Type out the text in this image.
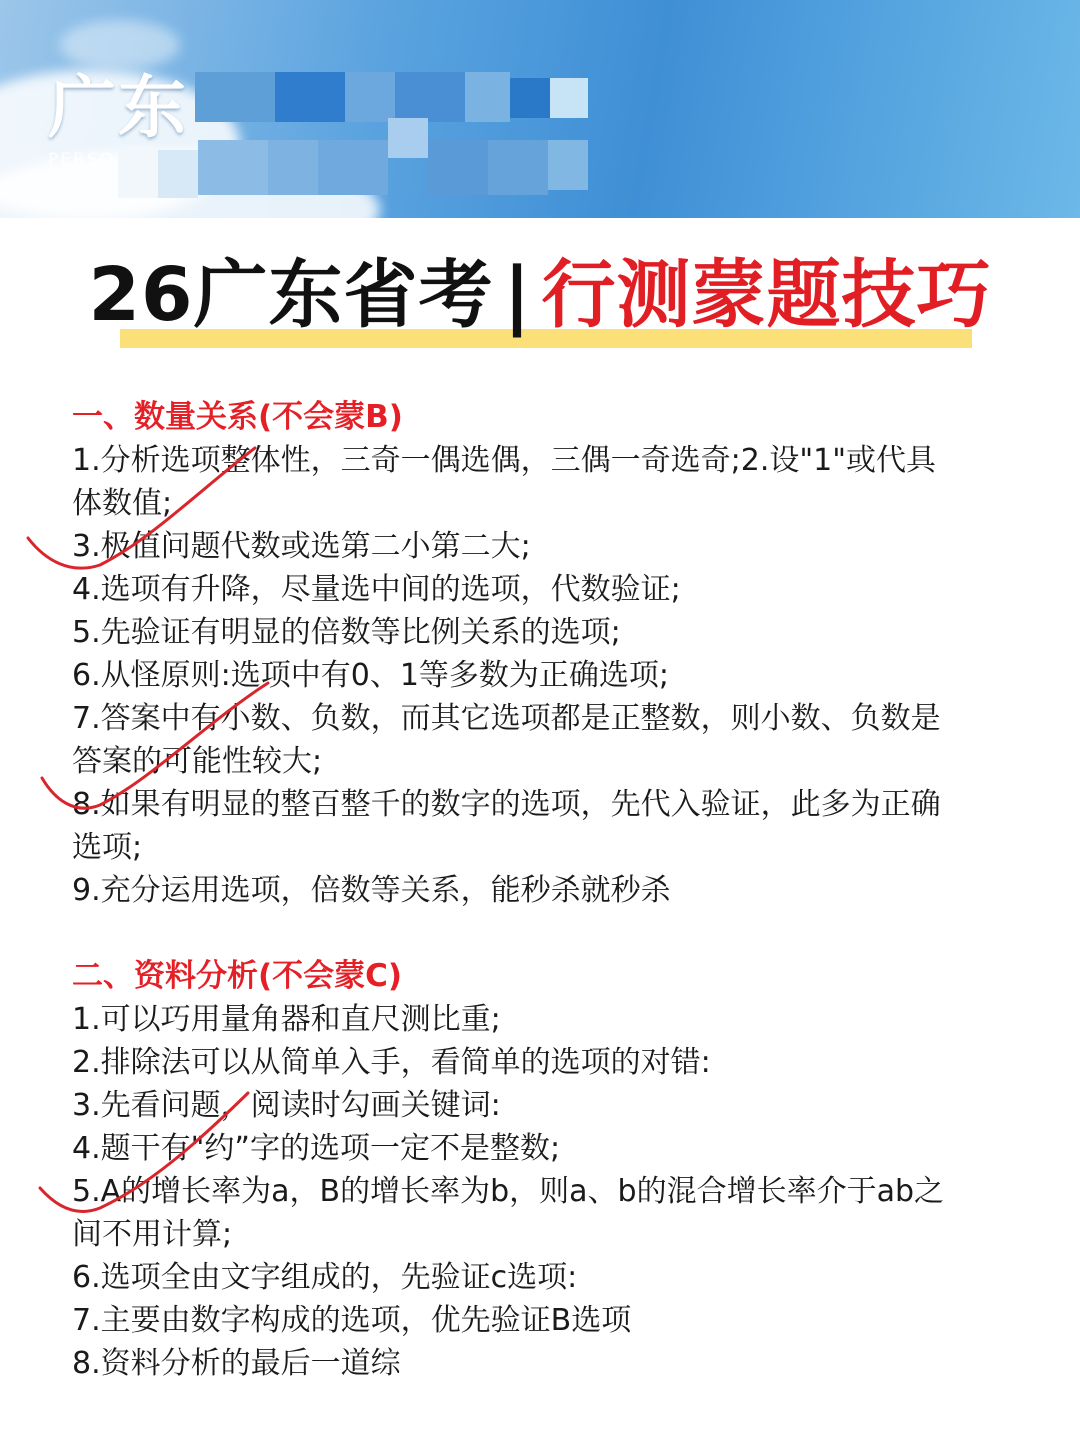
广东
PERSO
26广东省考 | 行测蒙题技巧

一、数量关系(不会蒙B)

1.分析选项整体性，三奇一偶选偶，三偶一奇选奇;2.设"1"或代具

体数值;

3.极值问题代数或选第二小第二大;

4.选项有升降，尽量选中间的选项，代数验证;

5.先验证有明显的倍数等比例关系的选项;

6.从怪原则:选项中有0、1等多数为正确选项;

7.答案中有小数、负数，而其它选项都是正整数，则小数、负数是

答案的可能性较大;

8.如果有明显的整百整千的数字的选项，先代入验证，此多为正确

选项;

9.充分运用选项，倍数等关系，能秒杀就秒杀

二、资料分析(不会蒙C)

1.可以巧用量角器和直尺测比重;

2.排除法可以从简单入手，看简单的选项的对错:

3.先看问题，阅读时勾画关键词:

4.题干有"约”字的选项一定不是整数;

5.A的增长率为a，B的增长率为b，则a、b的混合增长率介于ab之

间不用计算;

6.选项全由文字组成的，先验证c选项:

7.主要由数字构成的选项，优先验证B选项

8.资料分析的最后一道综
